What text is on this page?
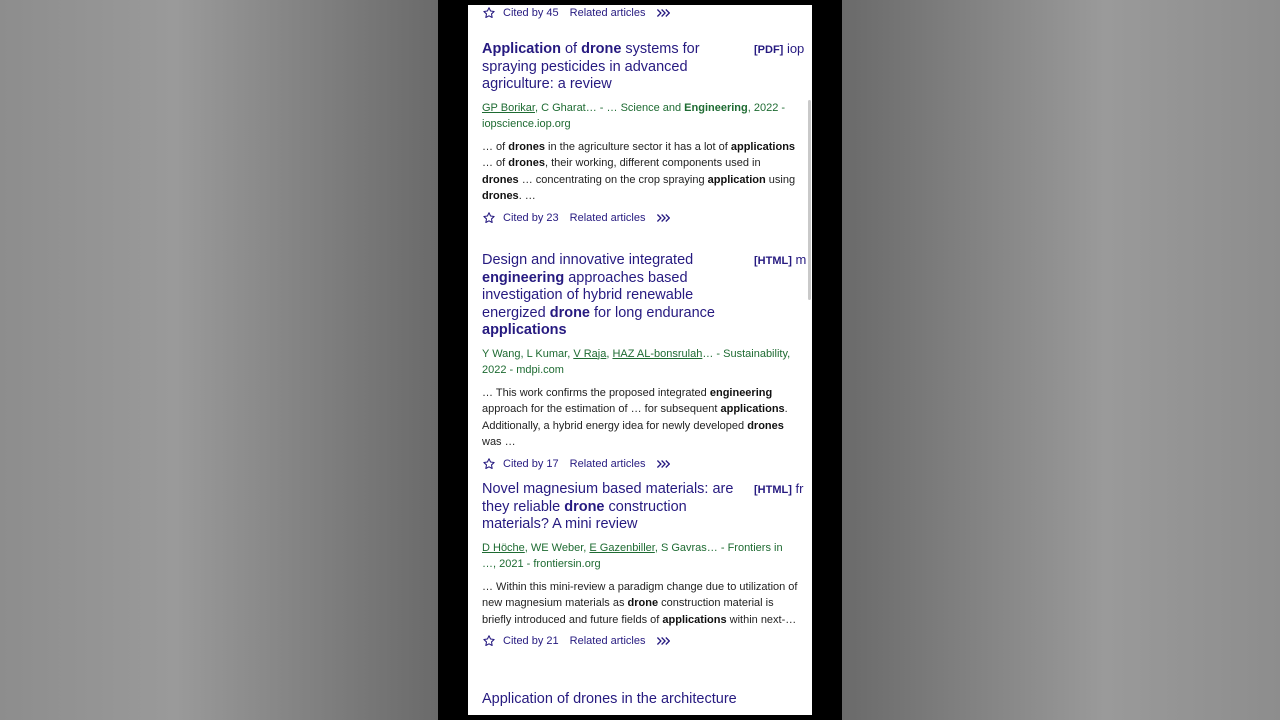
Cited by 45 Related articles
Application of drone systems for spraying pesticides in advanced agriculture: a review
[PDF] iop
GP Borikar, C Gharat… - … Science and Engineering, 2022 - iopscience.iop.org
… of drones in the agriculture sector it has a lot of applications … of drones, their working, different components used in drones … concentrating on the crop spraying application using drones. …
Cited by 23 Related articles
Design and innovative integrated engineering approaches based investigation of hybrid renewable energized drone for long endurance applications
[HTML] m
Y Wang, L Kumar, V Raja, HAZ AL-bonsrulah… - Sustainability, 2022 - mdpi.com
… This work confirms the proposed integrated engineering approach for the estimation of … for subsequent applications. Additionally, a hybrid energy idea for newly developed drones was …
Cited by 17 Related articles
Novel magnesium based materials: are they reliable drone construction materials? A mini review
[HTML] fr
D Höche, WE Weber, E Gazenbiller, S Gavras… - Frontiers in …, 2021 - frontiersin.org
… Within this mini-review a paradigm change due to utilization of new magnesium materials as drone construction material is briefly introduced and future fields of applications within next-…
Cited by 21 Related articles
Application of drones in the architecture
